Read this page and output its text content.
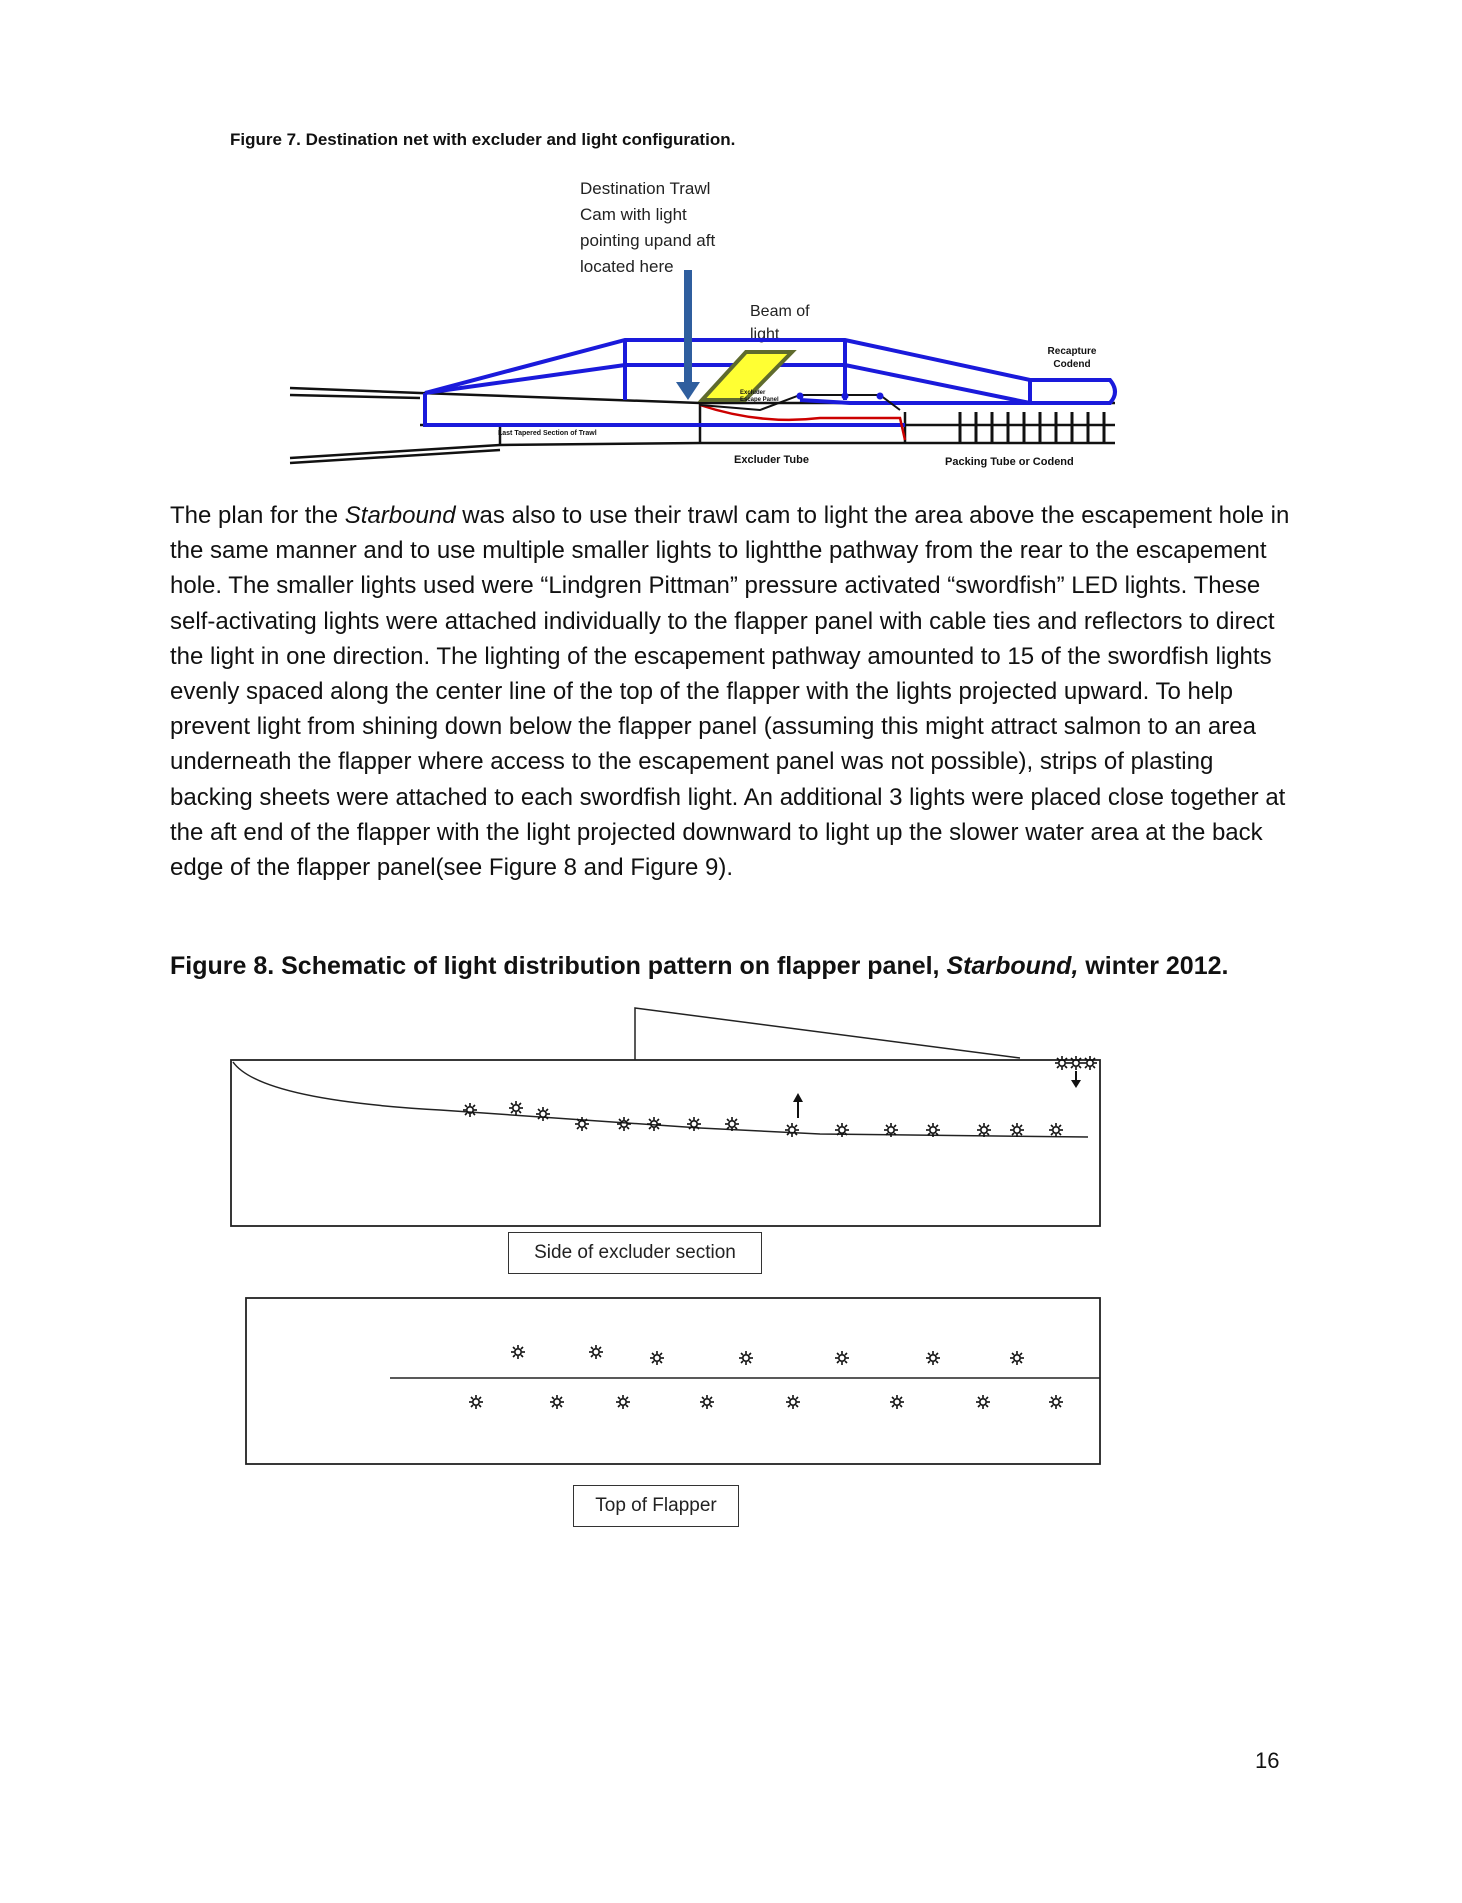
Figure 7. Destination net with excluder and light configuration.
Destination Trawl
Cam with light
pointing upand aft
located here
Beam of
light
Recapture
Codend
Last Tapered Section of Trawl
Excluder
Escape Panel
Excluder Tube	Packing Tube or Codend
The plan for the Starbound was also to use their trawl cam to light the area above the escapement hole in the same manner and to use multiple smaller lights to lightthe pathway from the rear to the escapement hole. The smaller lights used were “Lindgren Pittman” pressure activated “swordfish” LED lights. These self-activating lights were attached individually to the flapper panel with cable ties and reflectors to direct the light in one direction. The lighting of the escapement pathway amounted to 15 of the swordfish lights evenly spaced along the center line of the top of the flapper with the lights projected upward. To help prevent light from shining down below the flapper panel (assuming this might attract salmon to an area underneath the flapper where access to the escapement panel was not possible), strips of plasting backing sheets were attached to each swordfish light. An additional 3 lights were placed close together at the aft end of the flapper with the light projected downward to light up the slower water area at the back edge of the flapper panel(see Figure 8 and Figure 9).
Figure 8. Schematic of light distribution pattern on flapper panel, Starbound, winter 2012.
Side of excluder section
Top of Flapper
16
